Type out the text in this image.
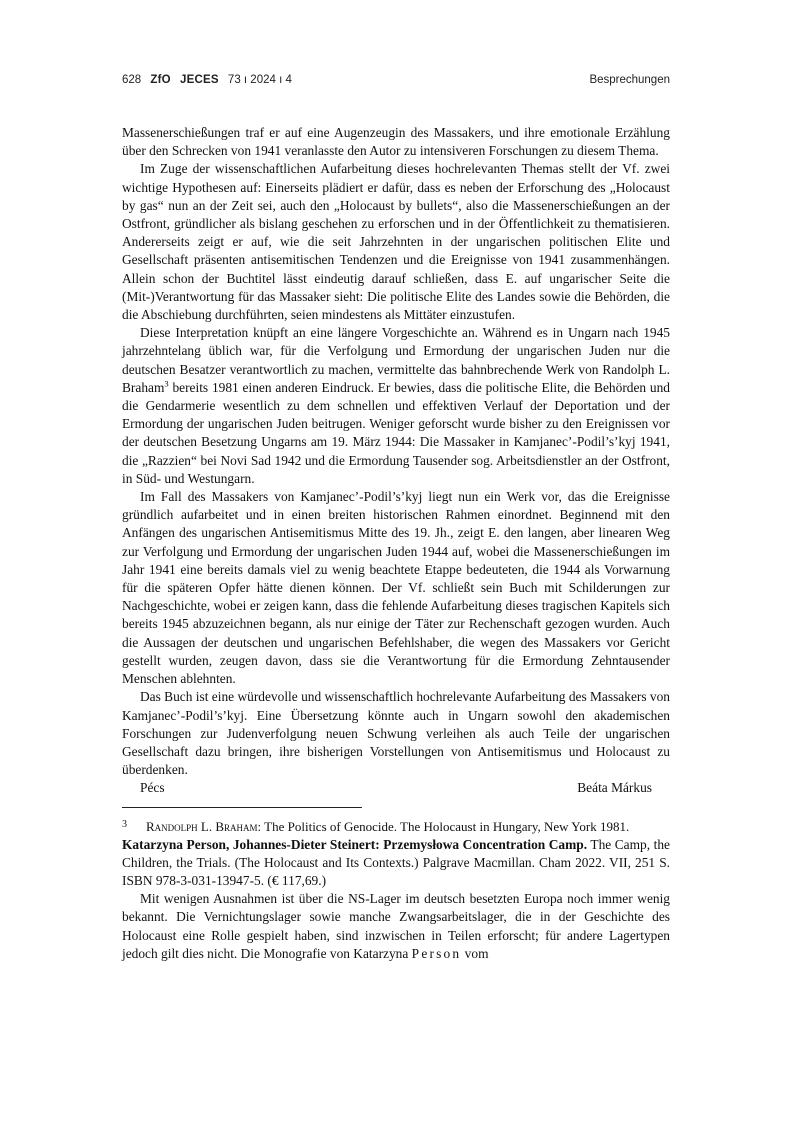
628 ZfO JECES 73 ı 2024 ı 4	Besprechungen

Massenerschießungen traf er auf eine Augenzeugin des Massakers, und ihre emotionale Erzählung über den Schrecken von 1941 veranlasste den Autor zu intensiveren Forschungen zu diesem Thema.

Im Zuge der wissenschaftlichen Aufarbeitung dieses hochrelevanten Themas stellt der Vf. zwei wichtige Hypothesen auf: Einerseits plädiert er dafür, dass es neben der Erforschung des „Holocaust by gas“ nun an der Zeit sei, auch den „Holocaust by bullets“, also die Massenerschießungen an der Ostfront, gründlicher als bislang geschehen zu erforschen und in der Öffentlichkeit zu thematisieren. Andererseits zeigt er auf, wie die seit Jahrzehnten in der ungarischen politischen Elite und Gesellschaft präsenten antisemitischen Tendenzen und die Ereignisse von 1941 zusammenhängen. Allein schon der Buchtitel lässt eindeutig darauf schließen, dass E. auf ungarischer Seite die (Mit-)Verantwortung für das Massaker sieht: Die politische Elite des Landes sowie die Behörden, die die Abschiebung durchführten, seien mindestens als Mittäter einzustufen.

Diese Interpretation knüpft an eine längere Vorgeschichte an. Während es in Ungarn nach 1945 jahrzehntelang üblich war, für die Verfolgung und Ermordung der ungarischen Juden nur die deutschen Besatzer verantwortlich zu machen, vermittelte das bahnbrechende Werk von Randolph L. Braham$^3$ bereits 1981 einen anderen Eindruck. Er bewies, dass die politische Elite, die Behörden und die Gendarmerie wesentlich zu dem schnellen und effektiven Verlauf der Deportation und der Ermordung der ungarischen Juden beitrugen. Weniger geforscht wurde bisher zu den Ereignissen vor der deutschen Besetzung Ungarns am 19. März 1944: Die Massaker in Kamjanec’-Podil’s’kyj 1941, die „Razzien“ bei Novi Sad 1942 und die Ermordung Tausender sog. Arbeitsdienstler an der Ostfront, in Süd- und Westungarn.

Im Fall des Massakers von Kamjanec’-Podil’s’kyj liegt nun ein Werk vor, das die Ereignisse gründlich aufarbeitet und in einen breiten historischen Rahmen einordnet. Beginnend mit den Anfängen des ungarischen Antisemitismus Mitte des 19. Jh., zeigt E. den langen, aber linearen Weg zur Verfolgung und Ermordung der ungarischen Juden 1944 auf, wobei die Massenerschießungen im Jahr 1941 eine bereits damals viel zu wenig beachtete Etappe bedeuteten, die 1944 als Vorwarnung für die späteren Opfer hätte dienen können. Der Vf. schließt sein Buch mit Schilderungen zur Nachgeschichte, wobei er zeigen kann, dass die fehlende Aufarbeitung dieses tragischen Kapitels sich bereits 1945 abzuzeichnen begann, als nur einige der Täter zur Rechenschaft gezogen wurden. Auch die Aussagen der deutschen und ungarischen Befehlshaber, die wegen des Massakers vor Gericht gestellt wurden, zeugen davon, dass sie die Verantwortung für die Ermordung Zehntausender Menschen ablehnten.

Das Buch ist eine würdevolle und wissenschaftlich hochrelevante Aufarbeitung des Massakers von Kamjanec’-Podil’s’kyj. Eine Übersetzung könnte auch in Ungarn sowohl den akademischen Forschungen zur Judenverfolgung neuen Schwung verleihen als auch Teile der ungarischen Gesellschaft dazu bringen, ihre bisherigen Vorstellungen von Antisemitismus und Holocaust zu überdenken.

Pécs	Beáta Márkus
3	Randolph L. Braham: The Politics of Genocide. The Holocaust in Hungary, New York 1981.

Katarzyna Person, Johannes-Dieter Steinert: Przemysłowa Concentration Camp. The Camp, the Children, the Trials. (The Holocaust and Its Contexts.) Palgrave Macmillan. Cham 2022. VII, 251 S. ISBN 978-3-031-13947-5. (€ 117,69.)

Mit wenigen Ausnahmen ist über die NS-Lager im deutsch besetzten Europa noch immer wenig bekannt. Die Vernichtungslager sowie manche Zwangsarbeitslager, die in der Geschichte des Holocaust eine Rolle gespielt haben, sind inzwischen in Teilen erforscht; für andere Lagertypen jedoch gilt dies nicht. Die Monografie von Katarzyna Person vom
